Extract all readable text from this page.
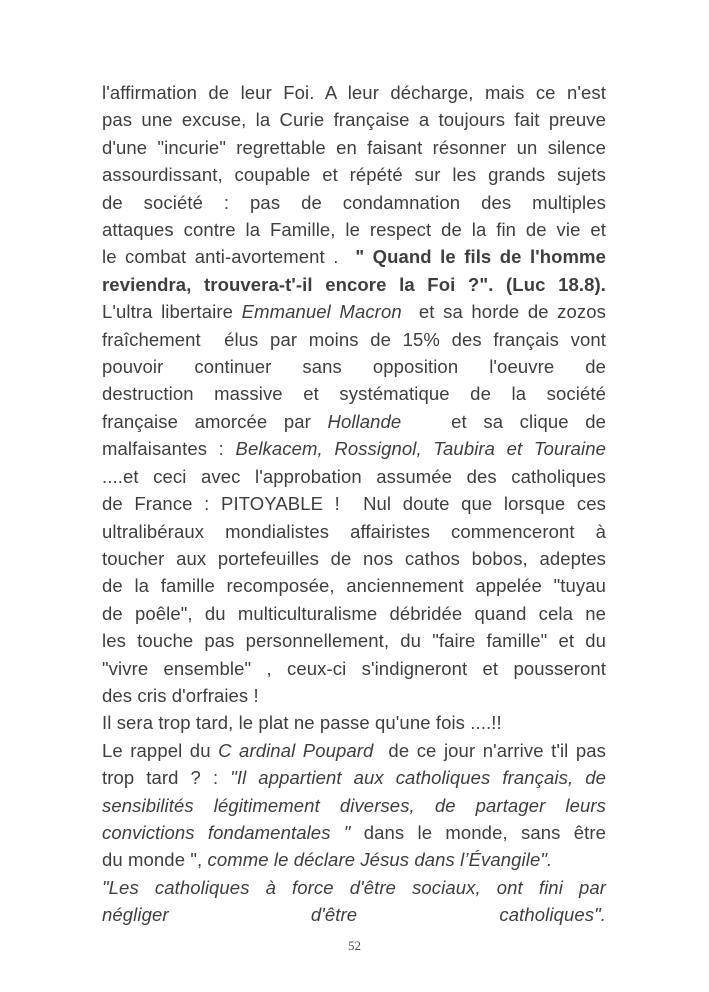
l'affirmation de leur Foi. A leur décharge, mais ce n'est
pas une excuse, la Curie française a toujours fait preuve
d'une "incurie" regrettable en faisant résonner un silence
assourdissant, coupable et répété sur les grands sujets
de société : pas de condamnation des multiples
attaques contre la Famille, le respect de la fin de vie et
le combat anti-avortement .  " Quand le fils de l'homme
reviendra, trouvera-t'-il encore la Foi ?". (Luc 18.8).
L'ultra libertaire Emmanuel Macron  et sa horde de zozos
fraîchement  élus par moins de 15% des français vont
pouvoir continuer sans opposition l'oeuvre de
destruction massive et systématique de la société
française amorcée par Hollande   et sa clique de
malfaisantes : Belkacem, Rossignol, Taubira et Touraine
....et ceci avec l'approbation assumée des catholiques
de France : PITOYABLE !  Nul doute que lorsque ces
ultralibéraux mondialistes affairistes commenceront à
toucher aux portefeuilles de nos cathos bobos, adeptes
de la famille recomposée, anciennement appelée "tuyau
de poêle", du multiculturalisme débridée quand cela ne
les touche pas personnellement, du "faire famille" et du
"vivre ensemble" , ceux-ci s'indigneront et pousseront
des cris d'orfraies !
Il sera trop tard, le plat ne passe qu'une fois ....!!
Le rappel du C ardinal Poupard  de ce jour n'arrive t'il pas
trop tard ? : "Il appartient aux catholiques français, de
sensibilités légitimement diverses, de partager leurs
convictions fondamentales " dans le monde, sans être
du monde ", comme le déclare Jésus dans l’Évangile".
"Les catholiques à force d'être sociaux, ont fini par
négliger d'être catholiques".
52
